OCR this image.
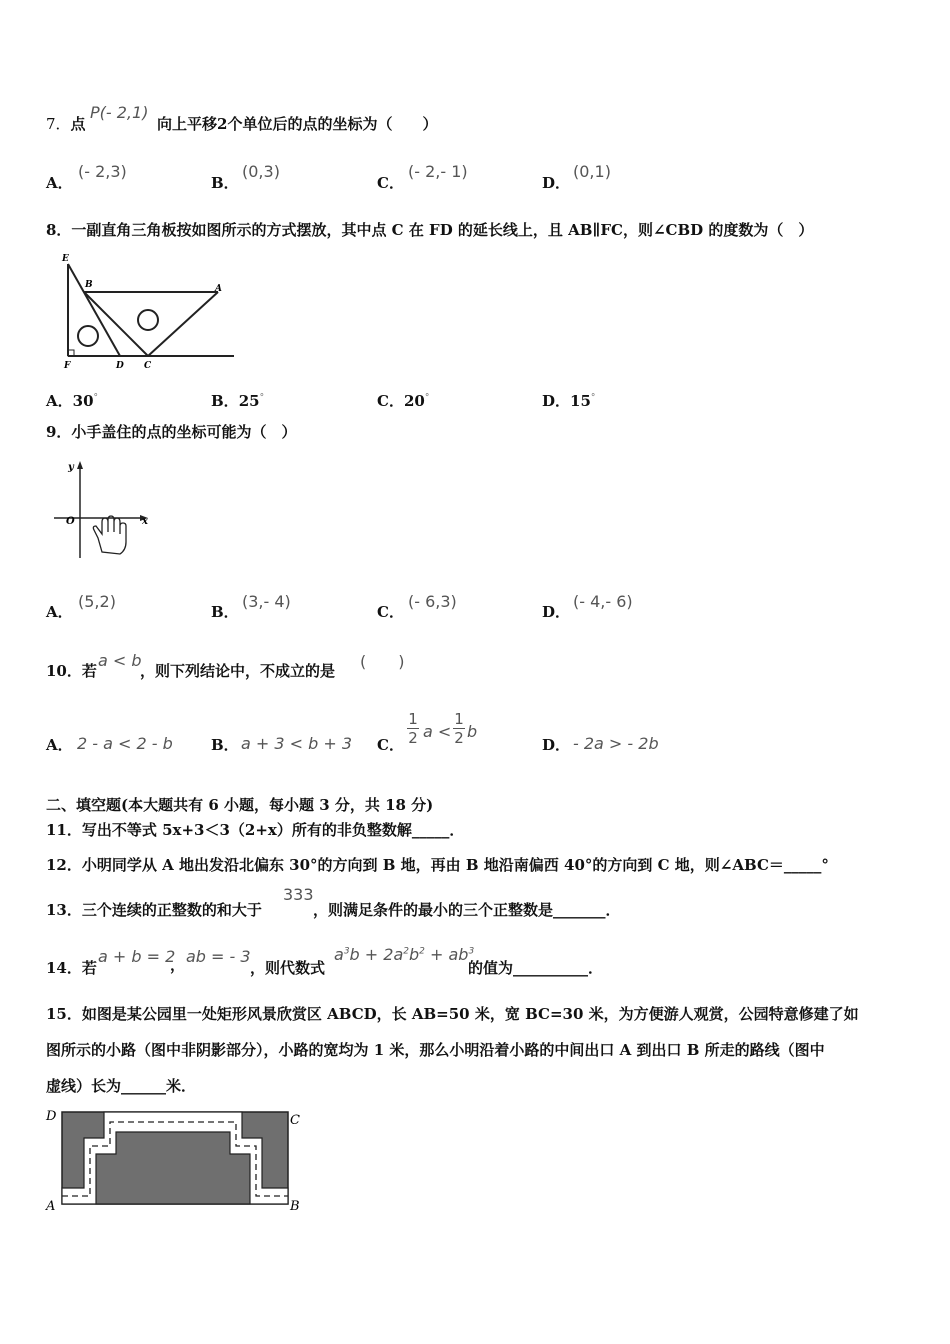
7．点
P(- 2,1)
向上平移2个单位后的点的坐标为（　　）
A．
(- 2,3)
B．
(0,3)
C．
(- 2,- 1)
D．
(0,1)
8．一副直角三角板按如图所示的方式摆放，其中点 C 在 FD 的延长线上，且 AB∥FC，则∠CBD 的度数为（　）
E
B	A
F	D C
A．30°	B．25°	C．20°	D．15°
9．小手盖住的点的坐标可能为（　）
y
x
O
A．
(5,2)
B．
(3,- 4)
C．
(- 6,3)
D．
(- 4,- 6)
10．若
a < b
，则下列结论中，不成立的是 (　　)
A． 2 - a < 2 - b	B． a + 3 < b + 3 C． $\frac{1}{2}$ $a < \frac{1}{2}$ b
D． - 2a > - 2b
二、填空题(本大题共有 6 小题，每小题 3 分，共 18 分)
11．写出不等式 5x+3＜3（2+x）所有的非负整数解_____．
12．小明同学从 A 地出发沿北偏东 30°的方向到 B 地，再由 B 地沿南偏西 40°的方向到 C 地，则∠ABC＝_____°
13．三个连续的正整数的和大于
333
，则满足条件的最小的三个正整数是_______．
14．若
a + b = 2
， ab = - 3
，则代数式
$a^3b + 2a^2b^2 + ab^3$
的值为__________．
15．如图是某公园里一处矩形风景欣赏区 ABCD，长 AB=50 米，宽 BC=30 米，为方便游人观赏，公园特意修建了如
图所示的小路（图中非阴影部分），小路的宽均为 1 米，那么小明沿着小路的中间出口 A 到出口 B 所走的路线（图中
虚线）长为______米．
D	C
A	B
